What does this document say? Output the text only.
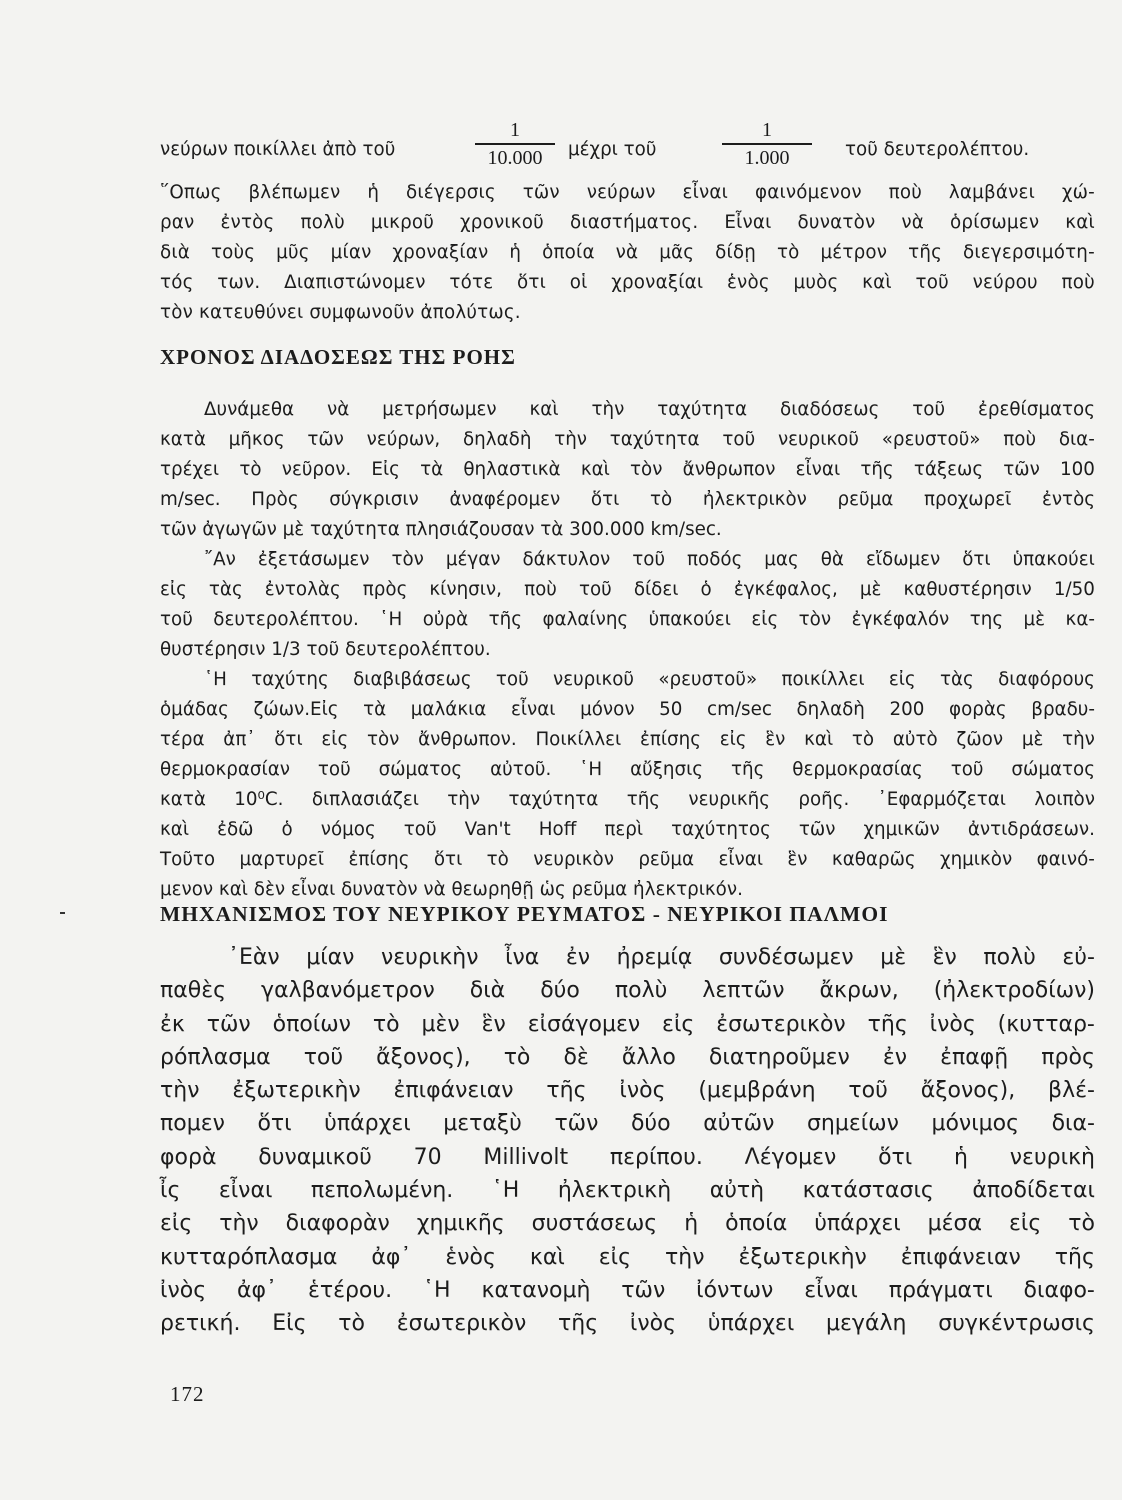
νεύρων ποικίλλει ἀπὸ τοῦ
1
10.000	μέχρι τοῦ
1
1.000	τοῦ δευτερολέπτου.
῞Οπως βλέπωμεν ἡ διέγερσις τῶν νεύρων εἶναι φαινόμενον ποὺ λαμβάνει χώ-
ραν ἐντὸς πολὺ μικροῦ χρονικοῦ διαστήματος. Εἶναι δυνατὸν νὰ ὁρίσωμεν καὶ
διὰ τοὺς μῦς μίαν χροναξίαν ἡ ὁποία νὰ μᾶς δίδῃ τὸ μέτρον τῆς διεγερσιμότη-
τός των. Διαπιστώνομεν τότε ὅτι οἱ χροναξίαι ἑνὸς μυὸς καὶ τοῦ νεύρου ποὺ
τὸν κατευθύνει συμφωνοῦν ἀπολύτως.
ΧΡΟΝΟΣ ΔΙΑΔΟΣΕΩΣ ΤΗΣ ΡΟΗΣ
Δυνάμεθα νὰ μετρήσωμεν καὶ τὴν ταχύτητα διαδόσεως τοῦ ἐρεθίσματος
κατὰ μῆκος τῶν νεύρων, δηλαδὴ τὴν ταχύτητα τοῦ νευρικοῦ «ρευστοῦ» ποὺ δια-
τρέχει τὸ νεῦρον. Εἰς τὰ θηλαστικὰ καὶ τὸν ἄνθρωπον εἶναι τῆς τάξεως τῶν 100
m/sec. Πρὸς σύγκρισιν ἀναφέρομεν ὅτι τὸ ἠλεκτρικὸν ρεῦμα προχωρεῖ ἐντὸς
τῶν ἀγωγῶν μὲ ταχύτητα πλησιάζουσαν τὰ 300.000 km/sec.
῎Αν ἐξετάσωμεν τὸν μέγαν δάκτυλον τοῦ ποδός μας θὰ εἴδωμεν ὅτι ὑπακούει
εἰς τὰς ἐντολὰς πρὸς κίνησιν, ποὺ τοῦ δίδει ὁ ἐγκέφαλος, μὲ καθυστέρησιν 1/50
τοῦ δευτερολέπτου. ῾Η οὐρὰ τῆς φαλαίνης ὑπακούει εἰς τὸν ἐγκέφαλόν της μὲ κα-
θυστέρησιν 1/3 τοῦ δευτερολέπτου.
῾Η ταχύτης διαβιβάσεως τοῦ νευρικοῦ «ρευστοῦ» ποικίλλει εἰς τὰς διαφόρους
ὁμάδας ζώων.Εἰς τὰ μαλάκια εἶναι μόνον 50 cm/sec δηλαδὴ 200 φορὰς βραδυ-
τέρα ἀπ᾿ ὅτι εἰς τὸν ἄνθρωπον. Ποικίλλει ἐπίσης εἰς ἓν καὶ τὸ αὐτὸ ζῶον μὲ τὴν
θερμοκρασίαν τοῦ σώματος αὐτοῦ. ῾Η αὔξησις τῆς θερμοκρασίας τοῦ σώματος
κατὰ 10⁰C. διπλασιάζει τὴν ταχύτητα τῆς νευρικῆς ροῆς. ᾿Εφαρμόζεται λοιπὸν
καὶ ἐδῶ ὁ νόμος τοῦ Van't Hoff περὶ ταχύτητος τῶν χημικῶν ἀντιδράσεων.
Τοῦτο μαρτυρεῖ ἐπίσης ὅτι τὸ νευρικὸν ρεῦμα εἶναι ἓν καθαρῶς χημικὸν φαινό-
μενον καὶ δὲν εἶναι δυνατὸν νὰ θεωρηθῇ ὡς ρεῦμα ἠλεκτρικόν.
ΜΗΧΑΝΙΣΜΟΣ ΤΟΥ ΝΕΥΡΙΚΟΥ ΡΕΥΜΑΤΟΣ - ΝΕΥΡΙΚΟΙ ΠΑΛΜΟΙ
᾿Εὰν μίαν νευρικὴν ἶνα ἐν ἠρεμίᾳ συνδέσωμεν μὲ ἓν πολὺ εὐ-
παθὲς γαλβανόμετρον διὰ δύο πολὺ λεπτῶν ἄκρων, (ἠλεκτροδίων)
ἐκ τῶν ὁποίων τὸ μὲν ἓν εἰσάγομεν εἰς ἐσωτερικὸν τῆς ἰνὸς (κυτταρ-
ρόπλασμα τοῦ ἄξονος), τὸ δὲ ἄλλο διατηροῦμεν ἐν ἐπαφῇ πρὸς
τὴν ἐξωτερικὴν ἐπιφάνειαν τῆς ἰνὸς (μεμβράνη τοῦ ἄξονος), βλέ-
πομεν ὅτι ὑπάρχει μεταξὺ τῶν δύο αὐτῶν σημείων μόνιμος δια-
φορὰ δυναμικοῦ 70 Millivolt περίπου. Λέγομεν ὅτι ἡ νευρικὴ
ἶς εἶναι πεπολωμένη. ῾Η ἠλεκτρικὴ αὐτὴ κατάστασις ἀποδίδεται
εἰς τὴν διαφορὰν χημικῆς συστάσεως ἡ ὁποία ὑπάρχει μέσα εἰς τὸ
κυτταρόπλασμα ἀφ᾿ ἑνὸς καὶ εἰς τὴν ἐξωτερικὴν ἐπιφάνειαν τῆς
ἰνὸς ἀφ᾿ ἑτέρου. ῾Η κατανομὴ τῶν ἰόντων εἶναι πράγματι διαφο-
ρετική. Εἰς τὸ ἐσωτερικὸν τῆς ἰνὸς ὑπάρχει μεγάλη συγκέντρωσις
172
